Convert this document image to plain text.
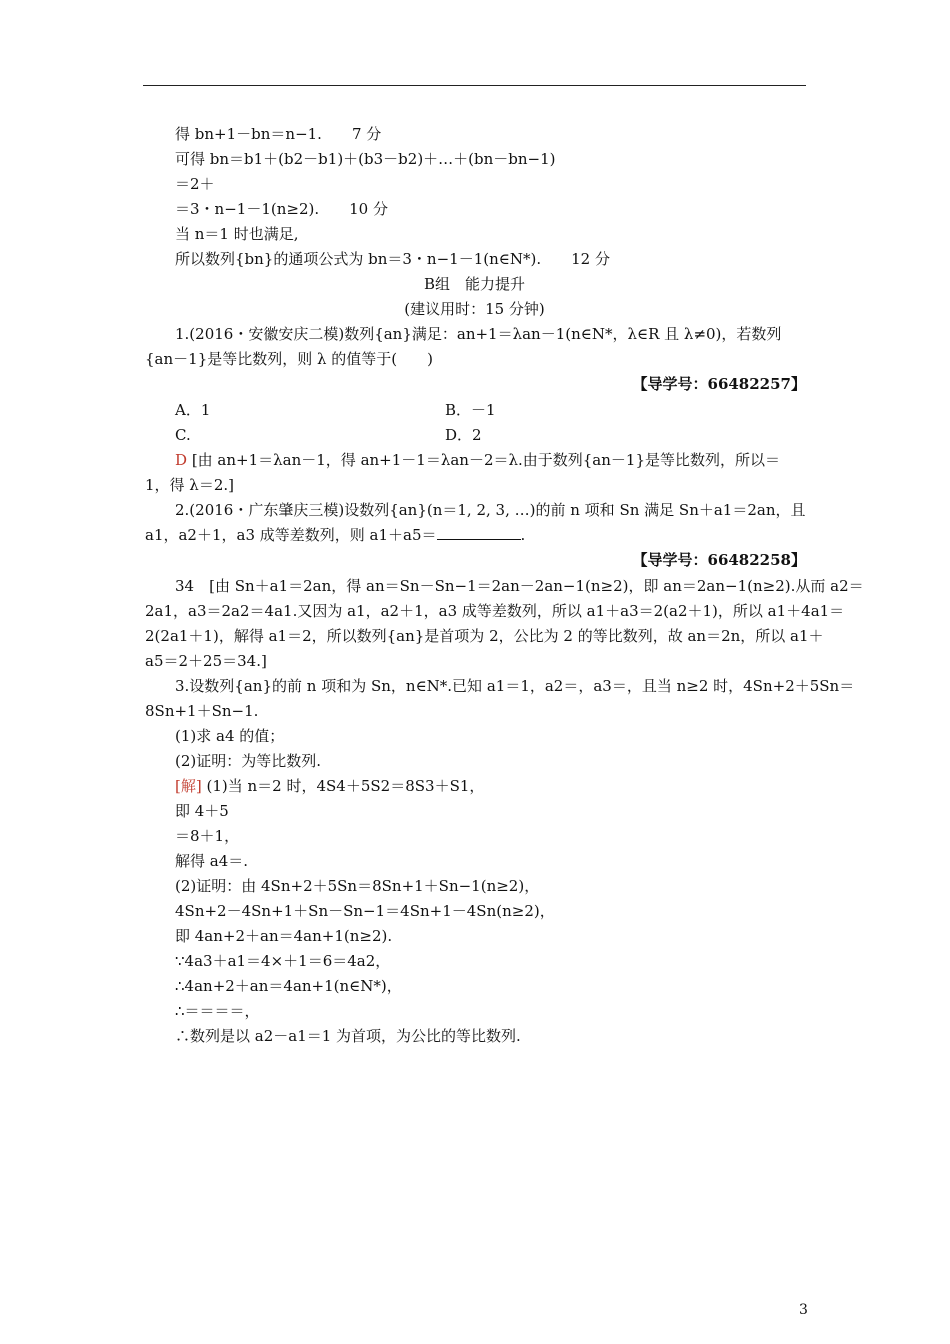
得 bn+1－bn＝n−1.　　7 分
可得 bn＝b1＋(b2－b1)＋(b3－b2)＋…＋(bn－bn−1)
＝2＋
＝3・n−1－1(n≥2).　　10 分
当 n＝1 时也满足,
所以数列{bn}的通项公式为 bn＝3・n−1－1(n∈N*).　　12 分
B组　能力提升
(建议用时：15 分钟)
1.(2016・安徽安庆二模)数列{an}满足：an+1＝λan－1(n∈N*，λ∈R 且 λ≠0)，若数列
{an－1}是等比数列，则 λ 的值等于(　　)
【导学号：66482257】
A．1	B．－1
C.	D．2
D [由 an+1＝λan－1，得 an+1－1＝λan－2＝λ.由于数列{an－1}是等比数列，所以＝
1，得 λ＝2.]
2.(2016・广东肇庆三模)设数列{an}(n＝1, 2, 3, …)的前 n 项和 Sn 满足 Sn＋a1＝2an，且
a1，a2＋1，a3 成等差数列，则 a1＋a5＝	.
【导学号：66482258】
34　[由 Sn＋a1＝2an，得 an＝Sn－Sn−1＝2an－2an−1(n≥2)，即 an＝2an−1(n≥2).从而 a2＝
2a1，a3＝2a2＝4a1.又因为 a1，a2＋1，a3 成等差数列，所以 a1＋a3＝2(a2＋1)，所以 a1＋4a1＝
2(2a1＋1)，解得 a1＝2，所以数列{an}是首项为 2，公比为 2 的等比数列，故 an＝2n，所以 a1＋
a5＝2＋25＝34.]
3.设数列{an}的前 n 项和为 Sn，n∈N*.已知 a1＝1，a2＝，a3＝，且当 n≥2 时，4Sn+2＋5Sn＝
8Sn+1＋Sn−1.
(1)求 a4 的值；
(2)证明：为等比数列.
[解] (1)当 n＝2 时，4S4＋5S2＝8S3＋S1，
即 4＋5
＝8＋1，
解得 a4＝.
(2)证明：由 4Sn+2＋5Sn＝8Sn+1＋Sn−1(n≥2)，
4Sn+2－4Sn+1＋Sn－Sn−1＝4Sn+1－4Sn(n≥2)，
即 4an+2＋an＝4an+1(n≥2).
∵4a3＋a1＝4×＋1＝6＝4a2，
∴4an+2＋an＝4an+1(n∈N*)，
∴＝＝＝＝，
∴数列是以 a2－a1＝1 为首项，为公比的等比数列.
3
